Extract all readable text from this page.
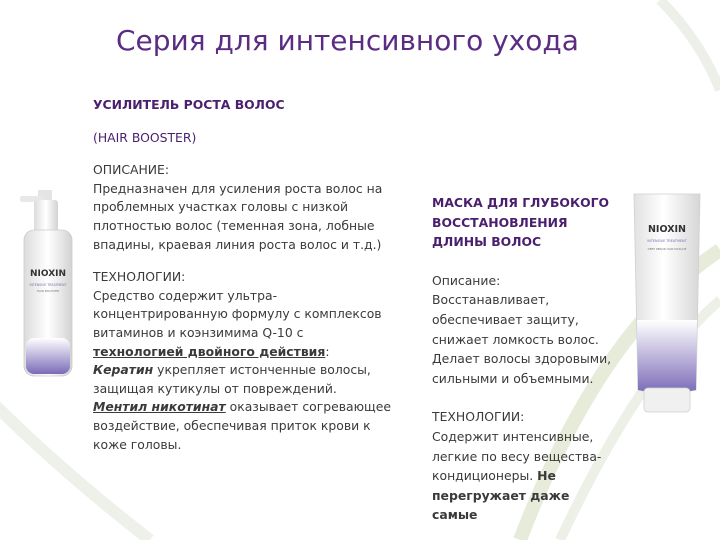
Серия для интенсивного ухода
NIOXIN
INTENSIVE TREATMENT
HAIR BOOSTER
NIOXIN
INTENSIVE TREATMENT
DEEP REPAIR HAIR MASQUE

УСИЛИТЕЛЬ РОСТА ВОЛОС

(HAIR BOOSTER)

ОПИСАНИЕ:

Предназначен для усиления роста волос на проблемных участках головы с низкой плотностью волос (теменная зона, лобные впадины, краевая линия роста волос и т.д.)

ТЕХНОЛОГИИ:

Средство содержит ультра-концентрированную формулу с комплексов витаминов и коэнзимима Q-10 с технологией двойного действия:
Кератин укрепляет истонченные волосы, защищая кутикулы от повреждений. Ментил никотинат оказывает согревающее воздействие, обеспечивая приток крови к коже головы.

МАСКА ДЛЯ ГЛУБОКОГО ВОССТАНОВЛЕНИЯ ДЛИНЫ ВОЛОС

Описание:

Восстанавливает, обеспечивает защиту, снижает ломкость волос. Делает волосы здоровыми, сильными и объемными.

ТЕХНОЛОГИИ:

Содержит интенсивные, легкие по весу вещества-кондиционеры. Не перегружает даже самые
